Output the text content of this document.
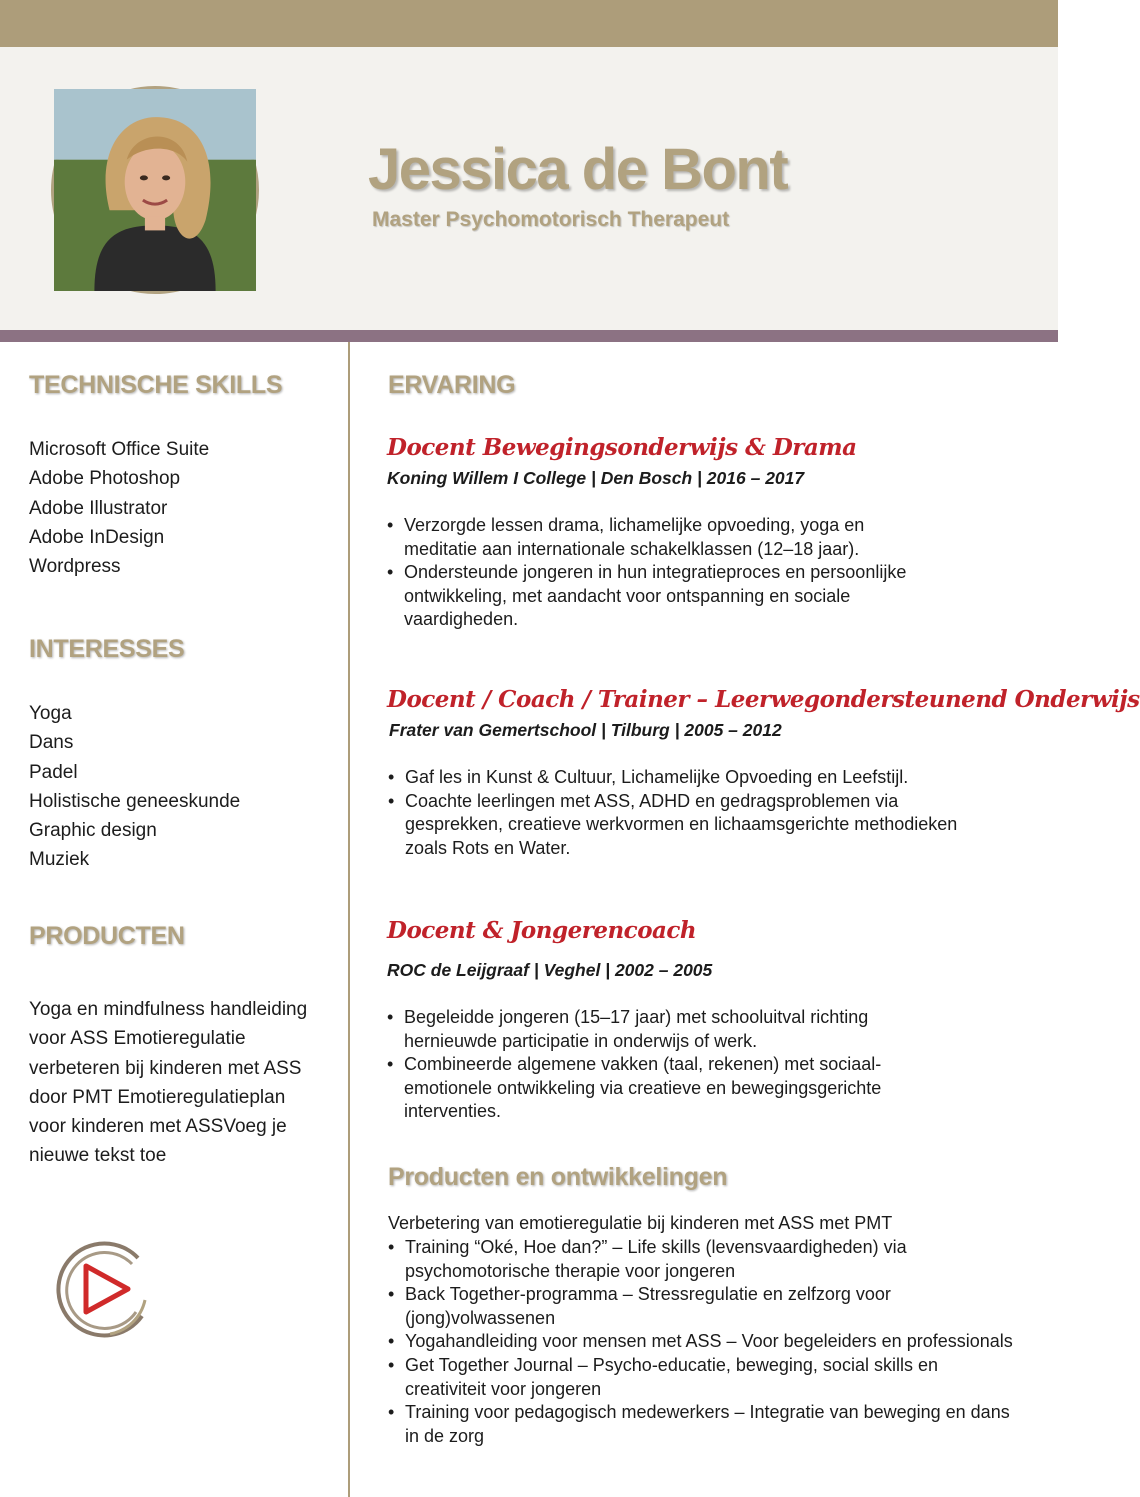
Jessica de Bont
Master Psychomotorisch Therapeut
TECHNISCHE SKILLS
Microsoft Office Suite
Adobe Photoshop
Adobe Illustrator
Adobe InDesign
Wordpress
INTERESSES
Yoga
Dans
Padel
Holistische geneeskunde
Graphic design
Muziek
PRODUCTEN
Yoga en mindfulness handleiding voor ASS Emotieregulatie verbeteren bij kinderen met ASS door PMT Emotieregulatieplan voor kinderen met ASSVoeg je nieuwe tekst toe
ERVARING
Docent Bewegingsonderwijs & Drama
Koning Willem I College | Den Bosch | 2016 – 2017
• Verzorgde lessen drama, lichamelijke opvoeding, yoga en meditatie aan internationale schakelklassen (12–18 jaar).
• Ondersteunde jongeren in hun integratieproces en persoonlijke ontwikkeling, met aandacht voor ontspanning en sociale vaardigheden.
Docent / Coach / Trainer – Leerwegondersteunend Onderwijs
Frater van Gemertschool | Tilburg | 2005 – 2012
• Gaf les in Kunst & Cultuur, Lichamelijke Opvoeding en Leefstijl.
• Coachte leerlingen met ASS, ADHD en gedragsproblemen via gesprekken, creatieve werkvormen en lichaamsgerichte methodieken zoals Rots en Water.
Docent & Jongerencoach
ROC de Leijgraaf | Veghel | 2002 – 2005
• Begeleidde jongeren (15–17 jaar) met schooluitval richting hernieuwde participatie in onderwijs of werk.
• Combineerde algemene vakken (taal, rekenen) met sociaal-emotionele ontwikkeling via creatieve en bewegingsgerichte interventies.
Producten en ontwikkelingen
Verbetering van emotieregulatie bij kinderen met ASS met PMT
• Training “Oké, Hoe dan?” – Life skills (levensvaardigheden) via psychomotorische therapie voor jongeren
• Back Together-programma – Stressregulatie en zelfzorg voor (jong)volwassenen
• Yogahandleiding voor mensen met ASS – Voor begeleiders en professionals
• Get Together Journal – Psycho-educatie, beweging, social skills en creativiteit voor jongeren
• Training voor pedagogisch medewerkers – Integratie van beweging en dans in de zorg
